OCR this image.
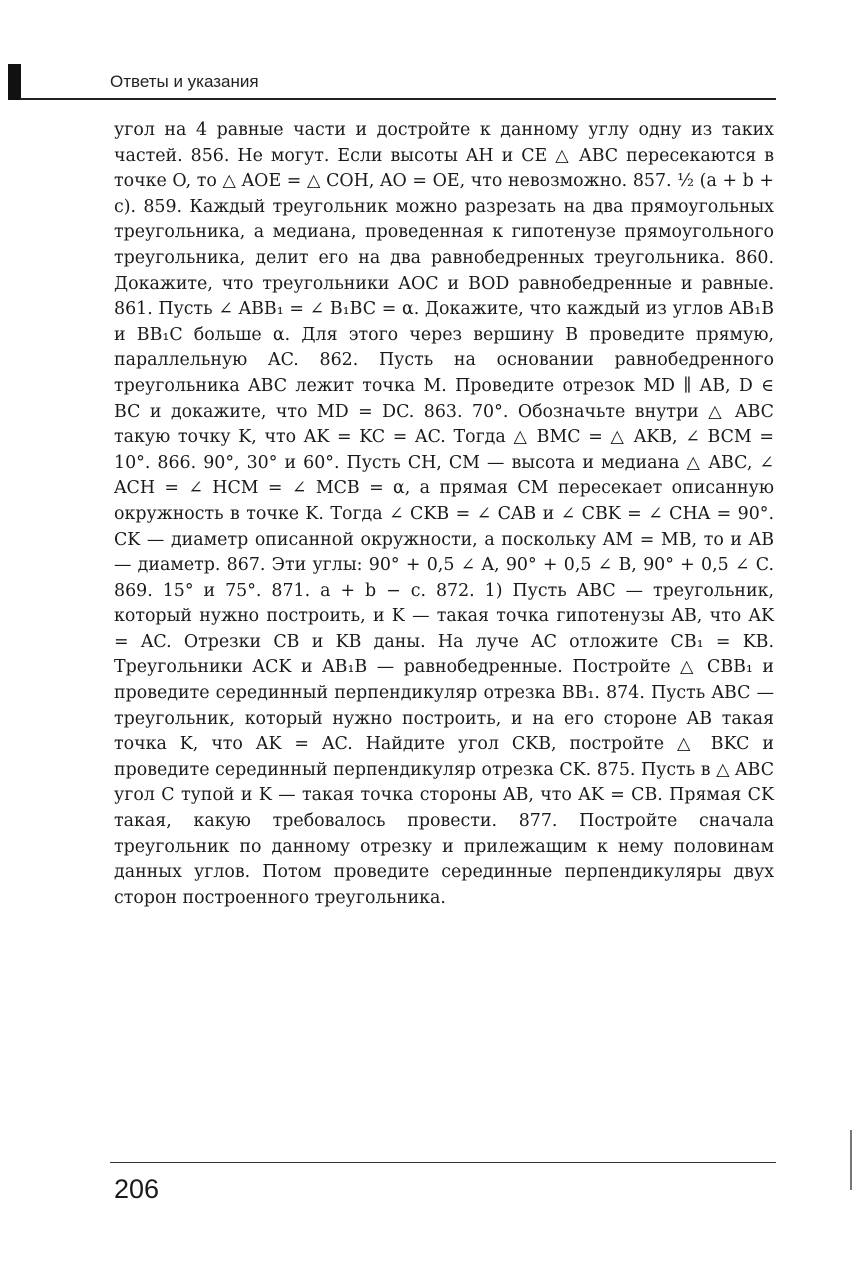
Ответы и указания
угол на 4 равные части и достройте к данному углу одну из таких частей. 856. Не могут. Если высоты AH и CE △ ABC пересекаются в точке O, то △ AOE = △ COH, AO = OE, что невозможно. 857. ½ (a + b + c). 859. Каждый треугольник можно разрезать на два прямоугольных треугольника, а медиана, проведенная к гипотенузе прямоугольного треугольника, делит его на два равнобедренных треугольника. 860. Докажите, что треугольники AOC и BOD равнобедренные и равные. 861. Пусть ∠ ABB₁ = ∠ B₁BC = α. Докажите, что каждый из углов AB₁B и BB₁C больше α. Для этого через вершину B проведите прямую, параллельную AC. 862. Пусть на основании равнобедренного треугольника ABC лежит точка M. Проведите отрезок MD ∥ AB, D ∈ BC и докажите, что MD = DC. 863. 70°. Обозначьте внутри △ ABC такую точку K, что AK = KC = AC. Тогда △ BMC = △ AKB, ∠ BCM = 10°. 866. 90°, 30° и 60°. Пусть CH, CM — высота и медиана △ ABC, ∠ ACH = ∠ HCM = ∠ MCB = α, а прямая CM пересекает описанную окружность в точке K. Тогда ∠ CKB = ∠ CAB и ∠ CBK = ∠ CHA = 90°. CK — диаметр описанной окружности, а поскольку AM = MB, то и AB — диаметр. 867. Эти углы: 90° + 0,5 ∠ A, 90° + 0,5 ∠ B, 90° + 0,5 ∠ C. 869. 15° и 75°. 871. a + b − c. 872. 1) Пусть ABC — треугольник, который нужно построить, и K — такая точка гипотенузы AB, что AK = AC. Отрезки CB и KB даны. На луче AC отложите CB₁ = KB. Треугольники ACK и AB₁B — равнобедренные. Постройте △ CBB₁ и проведите серединный перпендикуляр отрезка BB₁. 874. Пусть ABC — треугольник, который нужно построить, и на его стороне AB такая точка K, что AK = AC. Найдите угол CKB, постройте △ BKC и проведите серединный перпендикуляр отрезка CK. 875. Пусть в △ ABC угол C тупой и K — такая точка стороны AB, что AK = CB. Прямая CK такая, какую требовалось провести. 877. Постройте сначала треугольник по данному отрезку и прилежащим к нему половинам данных углов. Потом проведите серединные перпендикуляры двух сторон построенного треугольника.
206
